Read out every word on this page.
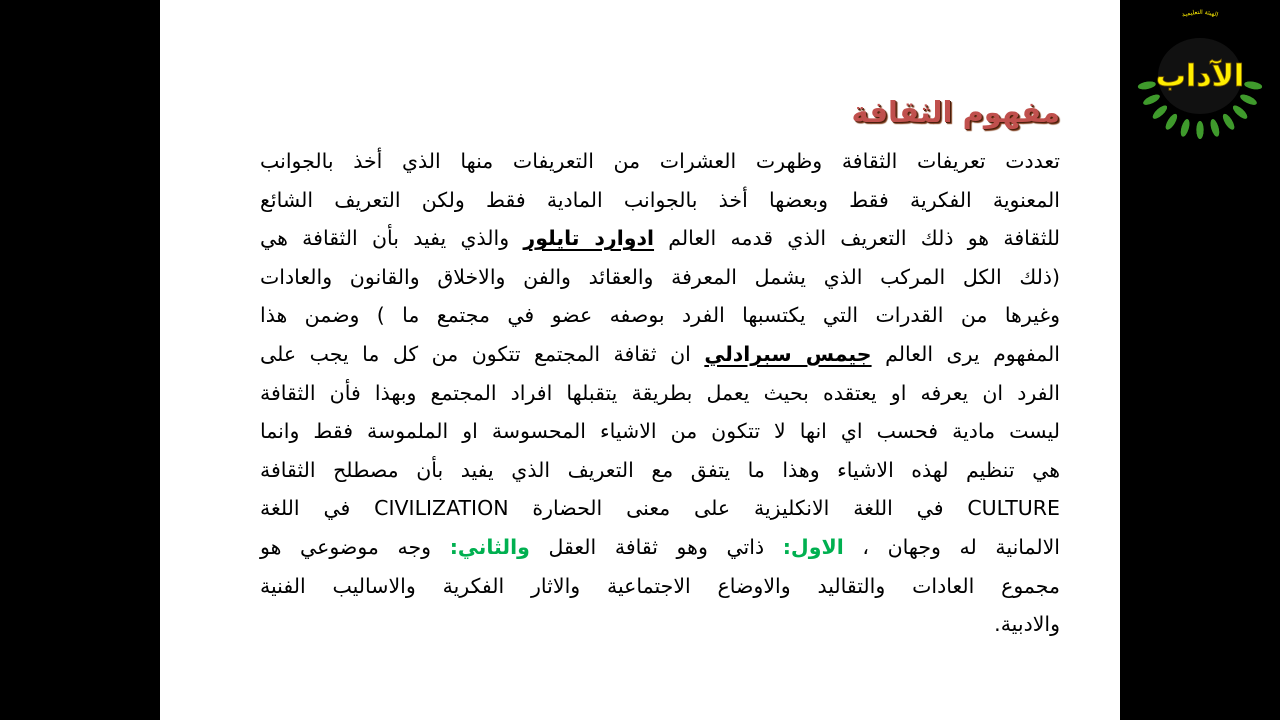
مفهوم الثقافة
تعددت تعريفات الثقافة وظهرت العشرات من التعريفات منها الذي أخذ بالجوانب
المعنوية الفكرية فقط وبعضها أخذ بالجوانب المادية فقط ولكن التعريف الشائع
للثقافة هو ذلك التعريف الذي قدمه العالم ادوارد تايلور والذي يفيد بأن الثقافة هي
(ذلك الكل المركب الذي يشمل المعرفة والعقائد والفن والاخلاق والقانون والعادات
وغيرها من القدرات التي يكتسبها الفرد بوصفه عضو في مجتمع ما ) وضمن هذا
المفهوم يرى العالم جيمس سبرادلي ان ثقافة المجتمع تتكون من كل ما يجب على
الفرد ان يعرفه او يعتقده بحيث يعمل بطريقة يتقبلها افراد المجتمع وبهذا فأن الثقافة
ليست مادية فحسب اي انها لا تتكون من الاشياء المحسوسة او الملموسة فقط وانما
هي تنظيم لهذه الاشياء وهذا ما يتفق مع التعريف الذي يفيد بأن مصطلح الثقافة
CULTURE في اللغة الانكليزية على معنى الحضارة CIVILIZATION في اللغة
الالمانية له وجهان ، الاول: ذاتي وهو ثقافة العقل والثاني: وجه موضوعي هو
مجموع العادات والتقاليد والاوضاع الاجتماعية والاثار الفكرية والاساليب الفنية
والادبية.
الهيئة التعليمية
الآداب
